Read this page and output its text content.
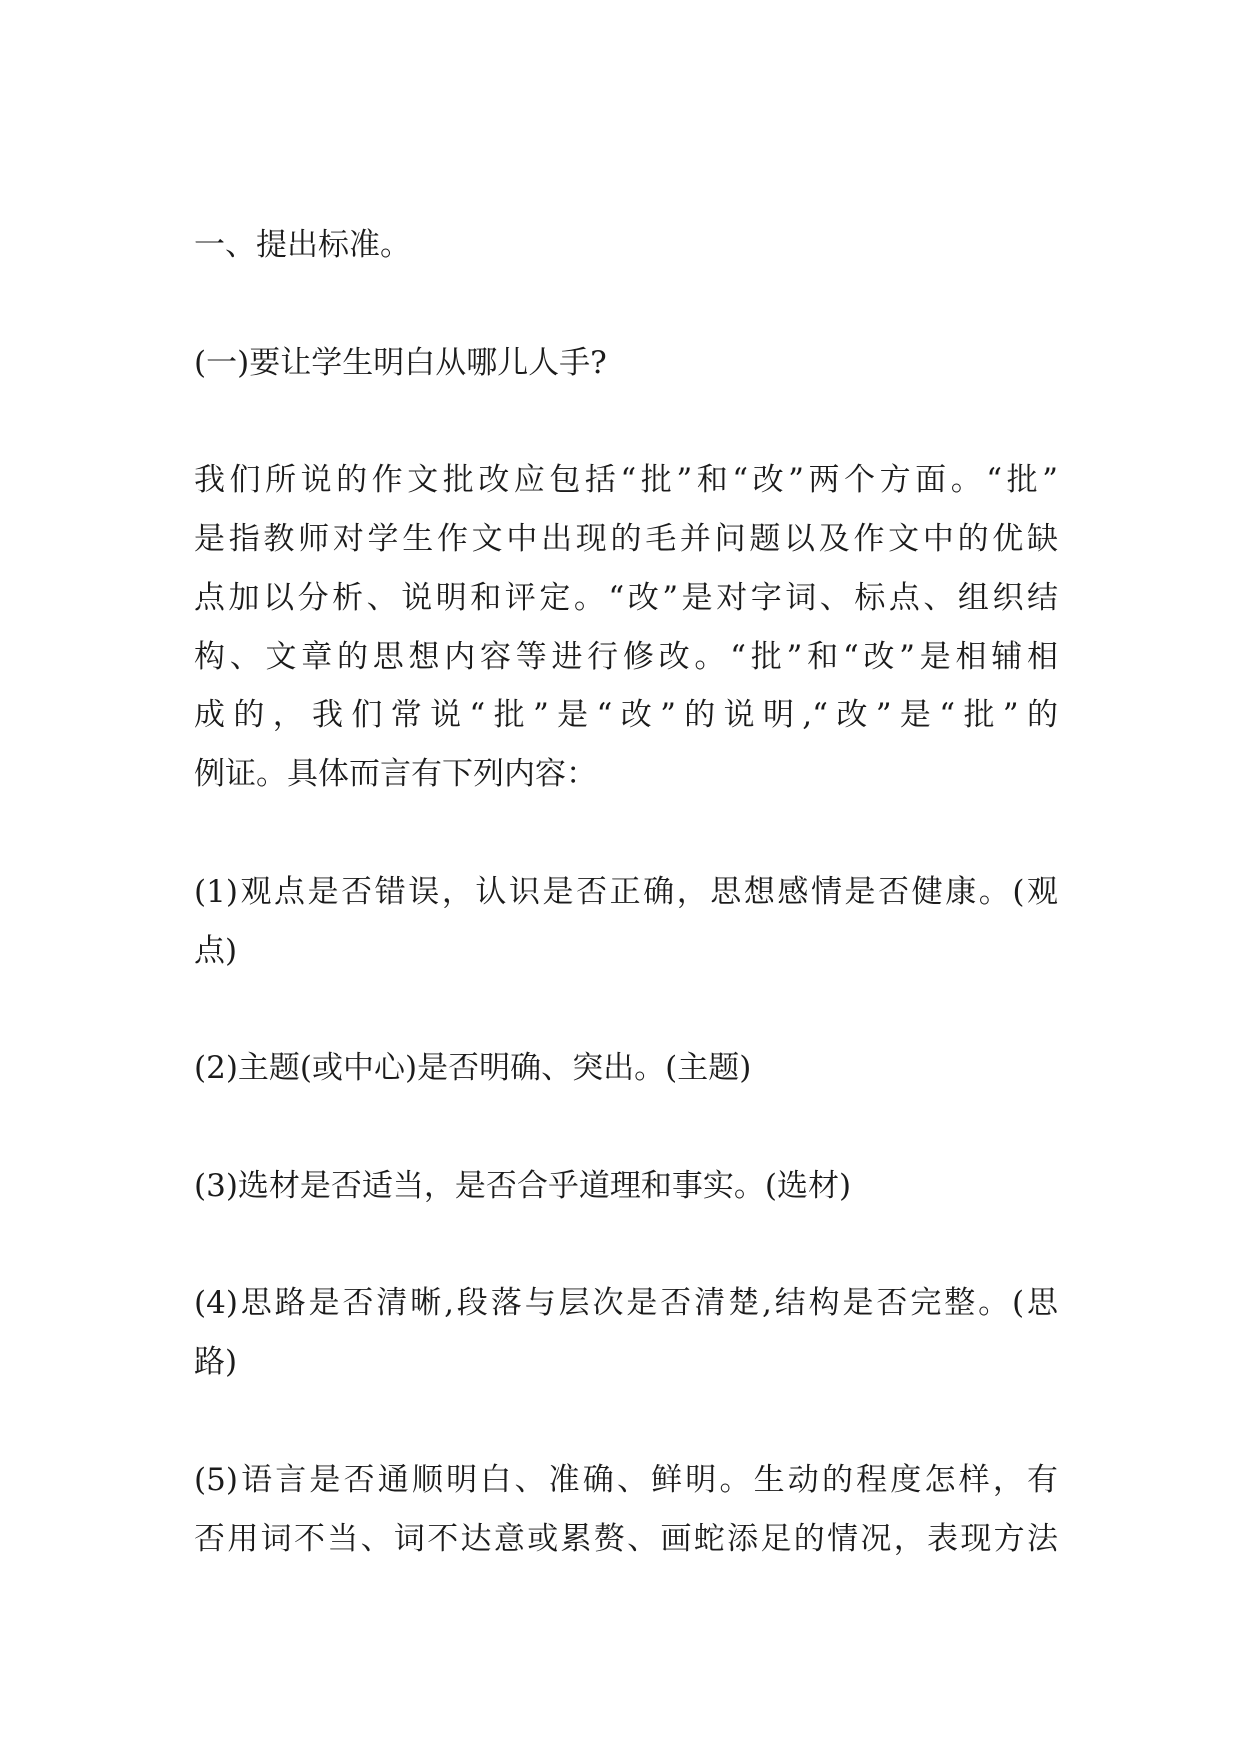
一、提出标准。
(一)要让学生明白从哪儿人手?
我们所说的作文批改应包括“批”和“改”两个方面。“批”
是指教师对学生作文中出现的毛并问题以及作文中的优缺
点加以分析、说明和评定。“改”是对字词、标点、组织结
构、文章的思想内容等进行修改。“批”和“改”是相辅相
成的，我们常说“批”是“改”的说明,“改”是“批”的
例证。具体而言有下列内容：
(1)观点是否错误，认识是否正确，思想感情是否健康。(观
点)
(2)主题(或中心)是否明确、突出。(主题)
(3)选材是否适当，是否合乎道理和事实。(选材)
(4)思路是否清晰,段落与层次是否清楚,结构是否完整。(思
路)
(5)语言是否通顺明白、准确、鲜明。生动的程度怎样，有
否用词不当、词不达意或累赘、画蛇添足的情况，表现方法
